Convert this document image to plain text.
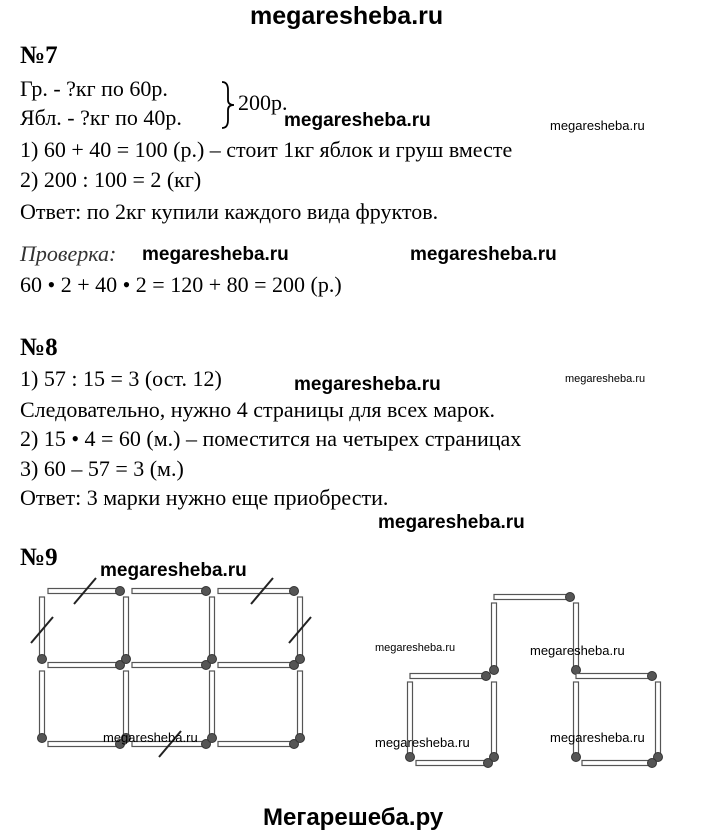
megaresheba.ru
№7
Гр. - ?кг по 60р.
Ябл. - ?кг по 40р.
200р.
1) 60 + 40 = 100 (р.) – стоит 1кг яблок и груш вместе
2) 200 : 100 = 2 (кг)
Ответ: по 2кг купили каждого вида фруктов.
Проверка:
60 • 2 + 40 • 2 = 120 + 80 = 200 (р.)
№8
1) 57 : 15 = 3 (ост. 12)
Следовательно, нужно 4 страницы для всех марок.
2) 15 • 4 = 60 (м.) – поместится на четырех страницах
3) 60 – 57 = 3 (м.)
Ответ: 3 марки нужно еще приобрести.
№9
megaresheba.ru	megaresheba.ru
megaresheba.ru	megaresheba.ru
megaresheba.ru	megaresheba.ru
megaresheba.ru
megaresheba.ru
megaresheba.ru	megaresheba.ru
megaresheba.ru	megaresheba.ru	megaresheba.ru
Мегарешеба.ру
